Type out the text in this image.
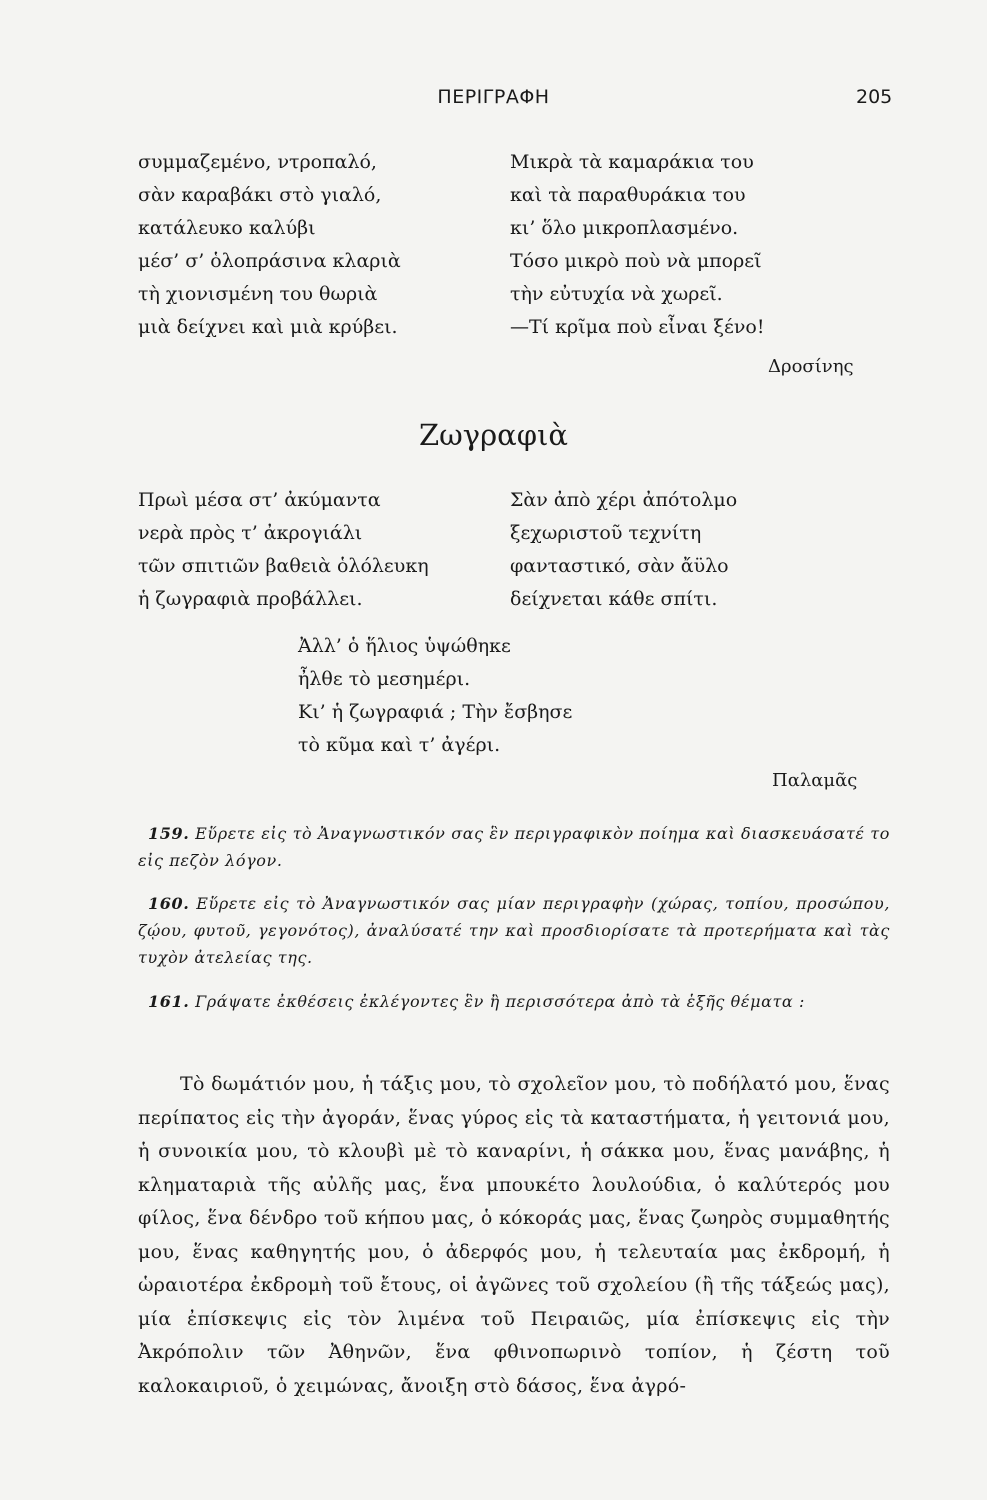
ΠΕΡΙΓΡΑΦΗ	205
συμμαζεμένο, ντροπαλό,
σὰν καραβάκι στὸ γιαλό,
κατάλευκο καλύβι
μέσ’ σ’ ὁλοπράσινα κλαριὰ
τὴ χιονισμένη του θωριὰ
μιὰ δείχνει καὶ μιὰ κρύβει.
Μικρὰ τὰ καμαράκια του
καὶ τὰ παραθυράκια του
κι’ ὅλο μικροπλασμένο.
Τόσο μικρὸ ποὺ νὰ μπορεῖ
τὴν εὐτυχία νὰ χωρεῖ.
—Τί κρῖμα ποὺ εἶναι ξένο!
Δροσίνης
Ζωγραφιὰ
Πρωὶ μέσα στ’ ἀκύμαντα
νερὰ πρὸς τ’ ἀκρογιάλι
τῶν σπιτιῶν βαθειὰ ὁλόλευκη
ἡ ζωγραφιὰ προβάλλει.
Σὰν ἀπὸ χέρι ἀπότολμο
ξεχωριστοῦ τεχνίτη
φανταστικό, σὰν ἄϋλο
δείχνεται κάθε σπίτι.
Ἀλλ’ ὁ ἥλιος ὑψώθηκε
ἦλθε τὸ μεσημέρι.
Κι’ ἡ ζωγραφιά ; Τὴν ἔσβησε
τὸ κῦμα καὶ τ’ ἀγέρι.
Παλαμᾶς
159. Εὕρετε εἰς τὸ Ἀναγνωστικόν σας ἓν περιγραφικὸν ποίημα καὶ διασκευάσατέ το εἰς πεζὸν λόγον.
160. Εὕρετε εἰς τὸ Ἀναγνωστικόν σας μίαν περιγραφὴν (χώρας, τοπίου, προσώπου, ζῴου, φυτοῦ, γεγονότος), ἀναλύσατέ την καὶ προσδιορίσατε τὰ προτερήματα καὶ τὰς τυχὸν ἀτελείας της.
161. Γράψατε ἐκθέσεις ἐκλέγοντες ἓν ἢ περισσότερα ἀπὸ τὰ ἑξῆς θέματα :
Τὸ δωμάτιόν μου, ἡ τάξις μου, τὸ σχολεῖον μου, τὸ ποδήλατό μου, ἕνας περίπατος εἰς τὴν ἀγοράν, ἕνας γύρος εἰς τὰ καταστήματα, ἡ γειτονιά μου, ἡ συνοικία μου, τὸ κλουβὶ μὲ τὸ καναρίνι, ἡ σάκκα μου, ἕνας μανάβης, ἡ κληματαριὰ τῆς αὐλῆς μας, ἕνα μπουκέτο λουλούδια, ὁ καλύτερός μου φίλος, ἕνα δένδρο τοῦ κήπου μας, ὁ κόκοράς μας, ἕνας ζωηρὸς συμμαθητής μου, ἕνας καθηγητής μου, ὁ ἀδερφός μου, ἡ τελευταία μας ἐκδρομή, ἡ ὡραιοτέρα ἐκδρομὴ τοῦ ἔτους, οἱ ἀγῶνες τοῦ σχολείου (ἢ τῆς τάξεώς μας), μία ἐπίσκεψις εἰς τὸν λιμένα τοῦ Πειραιῶς, μία ἐπίσκεψις εἰς τὴν Ἀκρόπολιν τῶν Ἀθηνῶν, ἕνα φθινοπωρινὸ τοπίον, ἡ ζέστη τοῦ καλοκαιριοῦ, ὁ χειμώνας, ἄνοιξη στὸ δάσος, ἕνα ἀγρό-
